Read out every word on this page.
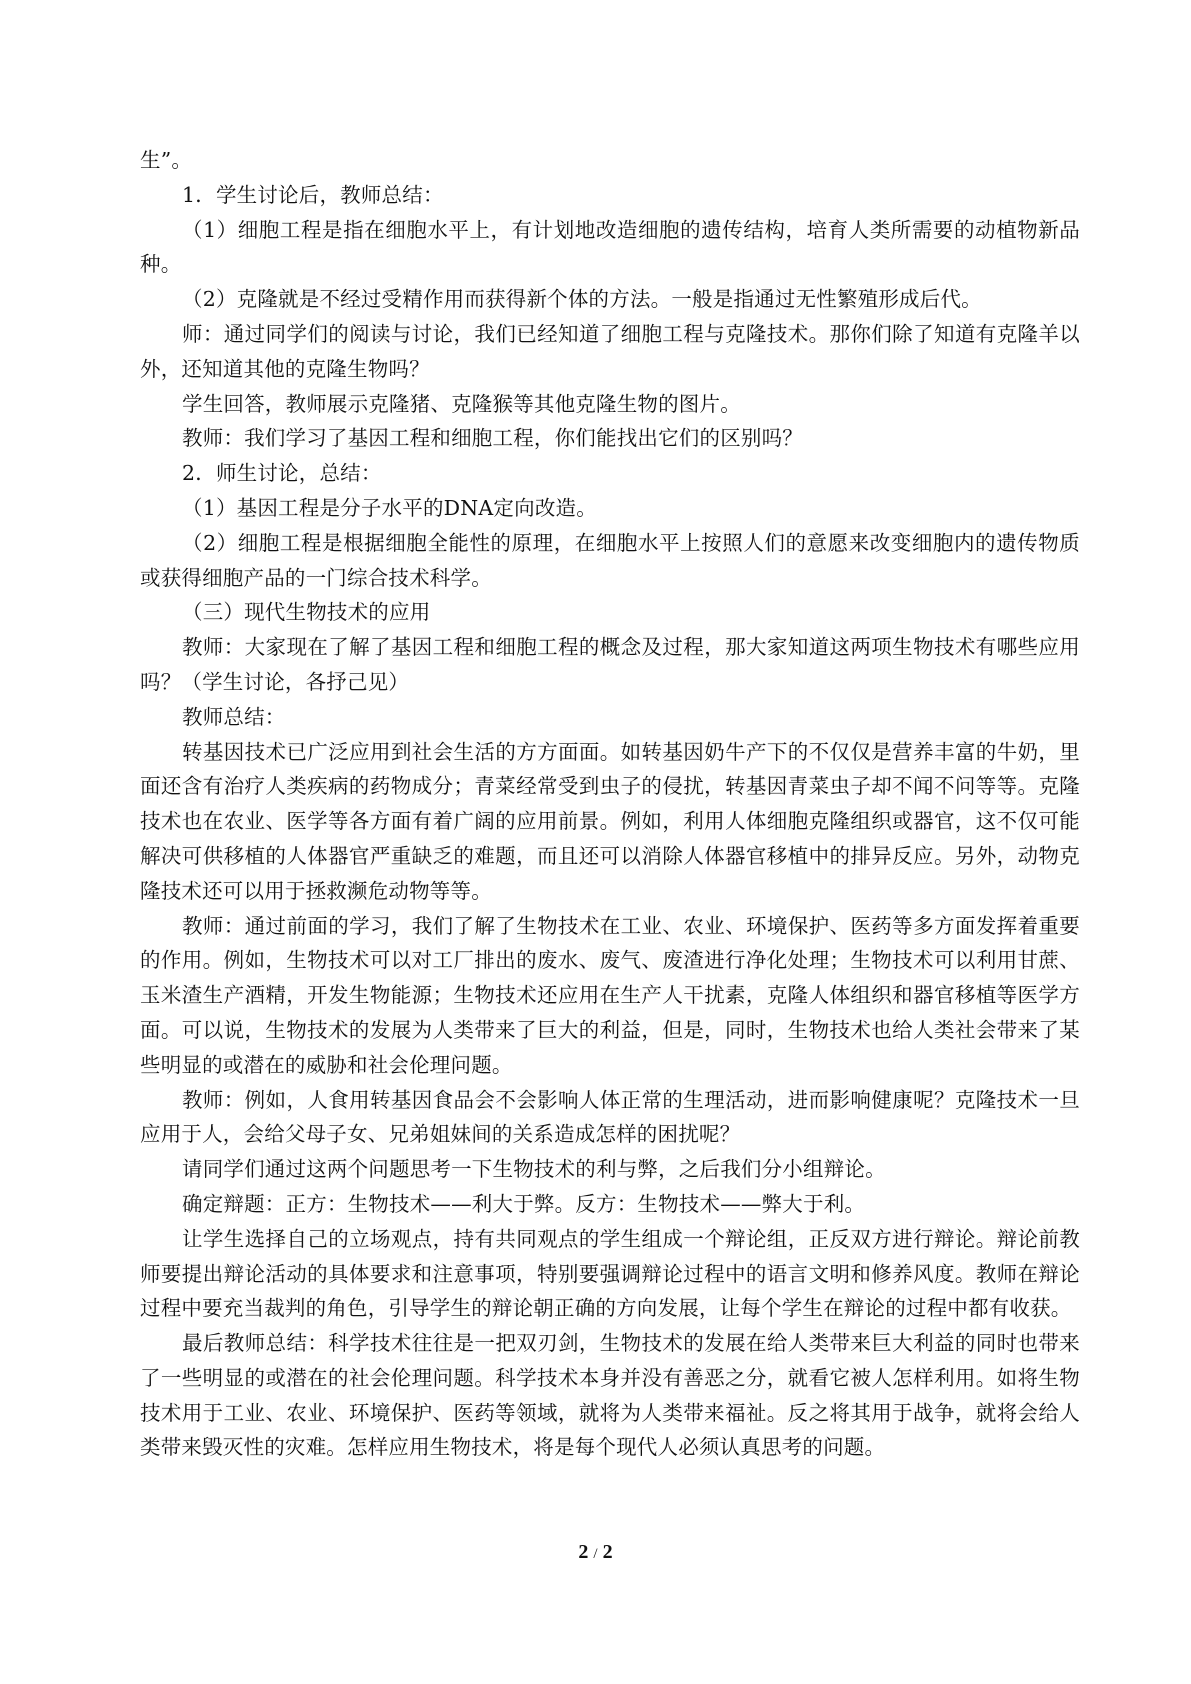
生”。

1．学生讨论后，教师总结：

（1）细胞工程是指在细胞水平上，有计划地改造细胞的遗传结构，培育人类所需要的动植物新品种。

（2）克隆就是不经过受精作用而获得新个体的方法。一般是指通过无性繁殖形成后代。

师：通过同学们的阅读与讨论，我们已经知道了细胞工程与克隆技术。那你们除了知道有克隆羊以外，还知道其他的克隆生物吗？

学生回答，教师展示克隆猪、克隆猴等其他克隆生物的图片。

教师：我们学习了基因工程和细胞工程，你们能找出它们的区别吗？

2．师生讨论，总结：

（1）基因工程是分子水平的DNA定向改造。

（2）细胞工程是根据细胞全能性的原理，在细胞水平上按照人们的意愿来改变细胞内的遗传物质或获得细胞产品的一门综合技术科学。

（三）现代生物技术的应用

教师：大家现在了解了基因工程和细胞工程的概念及过程，那大家知道这两项生物技术有哪些应用吗？（学生讨论，各抒己见）

教师总结：

转基因技术已广泛应用到社会生活的方方面面。如转基因奶牛产下的不仅仅是营养丰富的牛奶，里面还含有治疗人类疾病的药物成分；青菜经常受到虫子的侵扰，转基因青菜虫子却不闻不问等等。克隆技术也在农业、医学等各方面有着广阔的应用前景。例如，利用人体细胞克隆组织或器官，这不仅可能解决可供移植的人体器官严重缺乏的难题，而且还可以消除人体器官移植中的排异反应。另外，动物克隆技术还可以用于拯救濒危动物等等。

教师：通过前面的学习，我们了解了生物技术在工业、农业、环境保护、医药等多方面发挥着重要的作用。例如，生物技术可以对工厂排出的废水、废气、废渣进行净化处理；生物技术可以利用甘蔗、玉米渣生产酒精，开发生物能源；生物技术还应用在生产人干扰素，克隆人体组织和器官移植等医学方面。可以说，生物技术的发展为人类带来了巨大的利益，但是，同时，生物技术也给人类社会带来了某些明显的或潜在的威胁和社会伦理问题。

教师：例如，人食用转基因食品会不会影响人体正常的生理活动，进而影响健康呢？克隆技术一旦应用于人，会给父母子女、兄弟姐妹间的关系造成怎样的困扰呢？

请同学们通过这两个问题思考一下生物技术的利与弊，之后我们分小组辩论。

确定辩题：正方：生物技术——利大于弊。反方：生物技术——弊大于利。

让学生选择自己的立场观点，持有共同观点的学生组成一个辩论组，正反双方进行辩论。辩论前教师要提出辩论活动的具体要求和注意事项，特别要强调辩论过程中的语言文明和修养风度。教师在辩论过程中要充当裁判的角色，引导学生的辩论朝正确的方向发展，让每个学生在辩论的过程中都有收获。

最后教师总结：科学技术往往是一把双刃剑，生物技术的发展在给人类带来巨大利益的同时也带来了一些明显的或潜在的社会伦理问题。科学技术本身并没有善恶之分，就看它被人怎样利用。如将生物技术用于工业、农业、环境保护、医药等领域，就将为人类带来福祉。反之将其用于战争，就将会给人类带来毁灭性的灾难。怎样应用生物技术，将是每个现代人必须认真思考的问题。

2 / 2
